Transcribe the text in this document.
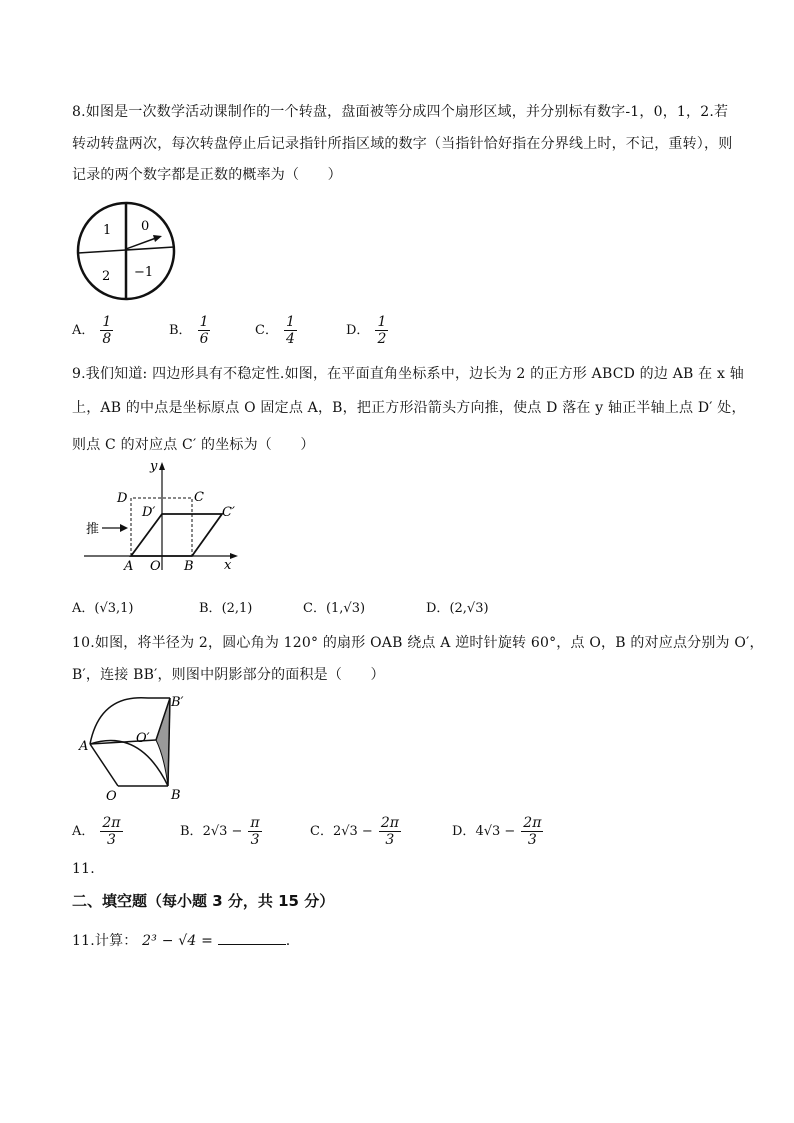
8.如图是一次数学活动课制作的一个转盘，盘面被等分成四个扇形区域，并分别标有数字-1，0，1，2.若
转动转盘两次，每次转盘停止后记录指针所指区域的数字（当指针恰好指在分界线上时，不记，重转），则
记录的两个数字都是正数的概率为（　　）
1 0
2 −1
A． $\frac{1}{8}$	B． $\frac{1}{6}$	C． $\frac{1}{4}$	D． $\frac{1}{2}$
9.我们知道: 四边形具有不稳定性.如图，在平面直角坐标系中，边长为 2 的正方形 ABCD 的边 AB 在 x 轴
上，AB 的中点是坐标原点 O 固定点 A，B，把正方形沿箭头方向推，使点 D 落在 y 轴正半轴上点 D′ 处，
则点 C 的对应点 C′ 的坐标为（　　）
y
x
D	C
D′	C′
推
A O B
A．(√3,1)	B．(2,1)	C．(1,√3)	D．(2,√3)
10.如图，将半径为 2，圆心角为 120° 的扇形 OAB 绕点 A 逆时针旋转 60°，点 O，B 的对应点分别为 O′，
B′，连接 BB′，则图中阴影部分的面积是（　　）
A
O	B
O′
B′
A． $\frac{2\pi}{3}$	B．$2√3 - \frac{\pi}{3}$	C．$2√3 - \frac{2\pi}{3}$	D．$4√3 - \frac{2\pi}{3}$
11.
二、填空题（每小题 3 分，共 15 分）
11.计算： 2³ − √4 =	.
